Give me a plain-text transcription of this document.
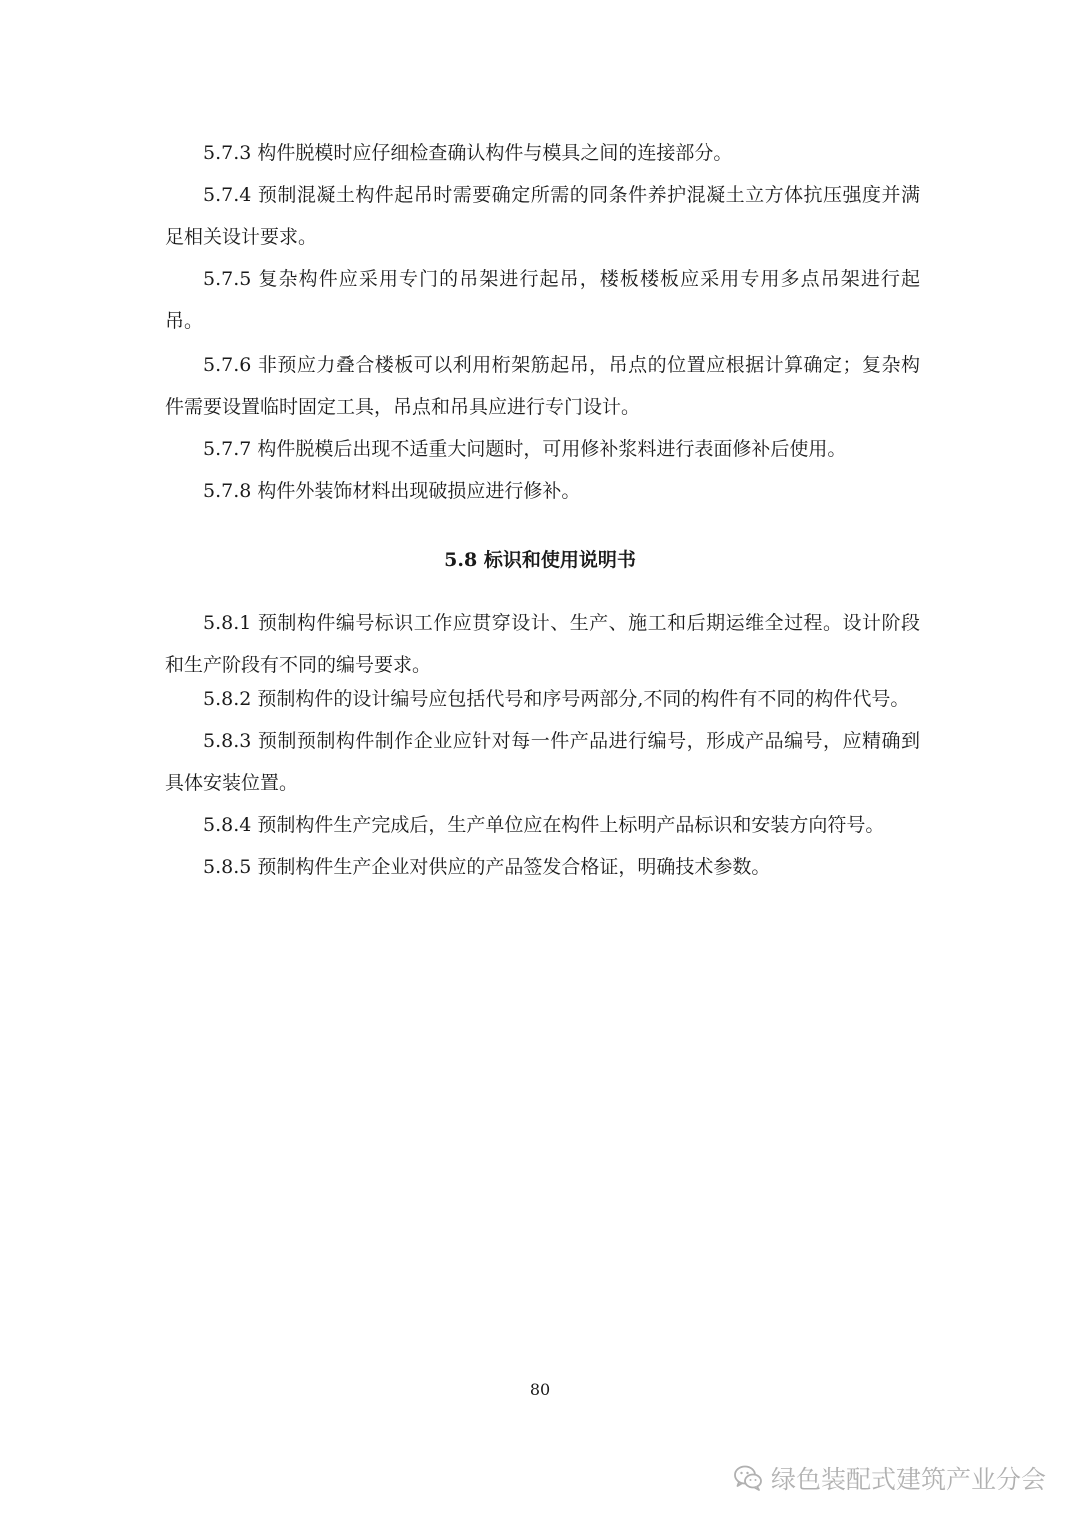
5.7.3 构件脱模时应仔细检查确认构件与模具之间的连接部分。

5.7.4 预制混凝土构件起吊时需要确定所需的同条件养护混凝土立方体抗压强度并满足相关设计要求。

5.7.5 复杂构件应采用专门的吊架进行起吊，楼板楼板应采用专用多点吊架进行起吊。

5.7.6 非预应力叠合楼板可以利用桁架筋起吊，吊点的位置应根据计算确定；复杂构件需要设置临时固定工具，吊点和吊具应进行专门设计。

5.7.7 构件脱模后出现不适重大问题时，可用修补浆料进行表面修补后使用。

5.7.8 构件外装饰材料出现破损应进行修补。

5.8 标识和使用说明书

5.8.1 预制构件编号标识工作应贯穿设计、生产、施工和后期运维全过程。设计阶段和生产阶段有不同的编号要求。

5.8.2 预制构件的设计编号应包括代号和序号两部分,不同的构件有不同的构件代号。

5.8.3 预制预制构件制作企业应针对每一件产品进行编号，形成产品编号，应精确到具体安装位置。

5.8.4 预制构件生产完成后，生产单位应在构件上标明产品标识和安装方向符号。

5.8.5 预制构件生产企业对供应的产品签发合格证，明确技术参数。

80
绿色装配式建筑产业分会
